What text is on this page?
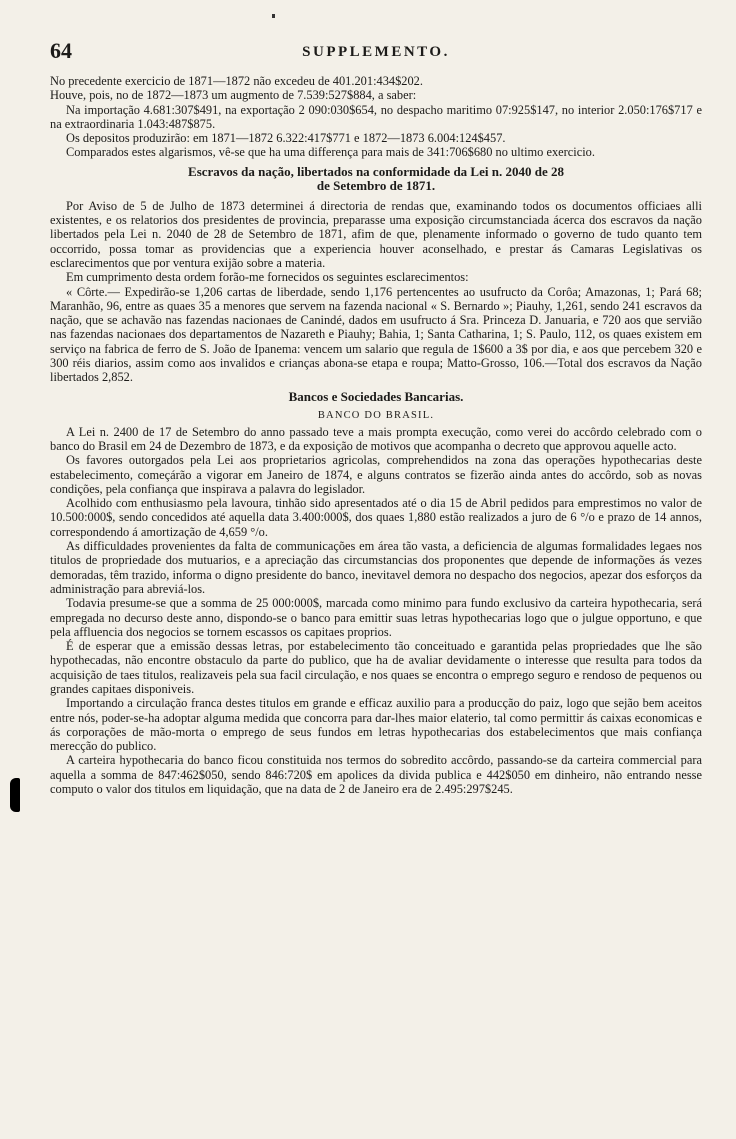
64	SUPPLEMENTO.

No precedente exercicio de 1871—1872 não excedeu de 401.201:434$202.

Houve, pois, no de 1872—1873 um augmento de 7.539:527$884, a saber:

Na importação 4.681:307$491, na exportação 2 090:030$654, no despacho maritimo 07:925$147, no interior 2.050:176$717 e na extraordinaria 1.043:487$875.

Os depositos produzirão: em 1871—1872 6.322:417$771 e 1872—1873 6.004:124$457.

Comparados estes algarismos, vê-se que ha uma differença para mais de 341:706$680 no ultimo exercicio.

Escravos da nação, libertados na conformidade da Lei n. 2040 de 28
de Setembro de 1871.

Por Aviso de 5 de Julho de 1873 determinei á directoria de rendas que, examinando todos os documentos officiaes alli existentes, e os relatorios dos presidentes de provincia, preparasse uma exposição circumstanciada ácerca dos escravos da nação libertados pela Lei n. 2040 de 28 de Setembro de 1871, afim de que, plenamente informado o governo de tudo quanto tem occorrido, possa tomar as providencias que a experiencia houver aconselhado, e prestar ás Camaras Legislativas os esclarecimentos que por ventura exijão sobre a materia.

Em cumprimento desta ordem forão-me fornecidos os seguintes esclarecimentos:

« Côrte.— Expedirão-se 1,206 cartas de liberdade, sendo 1,176 pertencentes ao usufructo da Corôa; Amazonas, 1; Pará 68; Maranhão, 96, entre as quaes 35 a menores que servem na fazenda nacional « S. Bernardo »; Piauhy, 1,261, sendo 241 escravos da nação, que se achavão nas fazendas nacionaes de Canindé, dados em usufructo á Sra. Princeza D. Januaria, e 720 aos que servião nas fazendas nacionaes dos departamentos de Nazareth e Piauhy; Bahia, 1; Santa Catharina, 1; S. Paulo, 112, os quaes existem em serviço na fabrica de ferro de S. João de Ipanema: vencem um salario que regula de 1$600 a 3$ por dia, e aos que percebem 320 e 300 réis diarios, assim como aos invalidos e crianças abona-se etapa e roupa; Matto-Grosso, 106.—Total dos escravos da Nação libertados 2,852.

Bancos e Sociedades Bancarias.
BANCO DO BRASIL.

A Lei n. 2400 de 17 de Setembro do anno passado teve a mais prompta execução, como verei do accôrdo celebrado com o banco do Brasil em 24 de Dezembro de 1873, e da exposição de motivos que acompanha o decreto que approvou aquelle acto.

Os favores outorgados pela Lei aos proprietarios agricolas, comprehendidos na zona das operações hypothecarias deste estabelecimento, começárão a vigorar em Janeiro de 1874, e alguns contratos se fizerão ainda antes do accôrdo, sob as novas condições, pela confiança que inspirava a palavra do legislador.

Acolhido com enthusiasmo pela lavoura, tinhão sido apresentados até o dia 15 de Abril pedidos para emprestimos no valor de 10.500:000$, sendo concedidos até aquella data 3.400:000$, dos quaes 1,880 estão realizados a juro de 6 °/o e prazo de 14 annos, correspondendo á amortização de 4,659 °/o.

As difficuldades provenientes da falta de communicações em área tão vasta, a deficiencia de algumas formalidades legaes nos titulos de propriedade dos mutuarios, e a apreciação das circumstancias dos proponentes que depende de informações ás vezes demoradas, têm trazido, informa o digno presidente do banco, inevitavel demora no despacho dos negocios, apezar dos esforços da administração para abreviá-los.

Todavia presume-se que a somma de 25 000:000$, marcada como minimo para fundo exclusivo da carteira hypothecaria, será empregada no decurso deste anno, dispondo-se o banco para emittir suas letras hypothecarias logo que o julgue opportuno, e que pela affluencia dos negocios se tornem escassos os capitaes proprios.

É de esperar que a emissão dessas letras, por estabelecimento tão conceituado e garantida pelas propriedades que lhe são hypothecadas, não encontre obstaculo da parte do publico, que ha de avaliar devidamente o interesse que resulta para todos da acquisição de taes titulos, realizaveis pela sua facil circulação, e nos quaes se encontra o emprego seguro e rendoso de pequenos ou grandes capitaes disponiveis.

Importando a circulação franca destes titulos em grande e efficaz auxilio para a producção do paiz, logo que sejão bem aceitos entre nós, poder-se-ha adoptar alguma medida que concorra para dar-lhes maior elaterio, tal como permittir ás caixas economicas e ás corporações de mão-morta o emprego de seus fundos em letras hypothecarias dos estabelecimentos que mais confiança merecção do publico.

A carteira hypothecaria do banco ficou constituida nos termos do sobredito accôrdo, passando-se da carteira commercial para aquella a somma de 847:462$050, sendo 846:720$ em apolices da divida publica e 442$050 em dinheiro, não entrando nesse computo o valor dos titulos em liquidação, que na data de 2 de Janeiro era de 2.495:297$245.
